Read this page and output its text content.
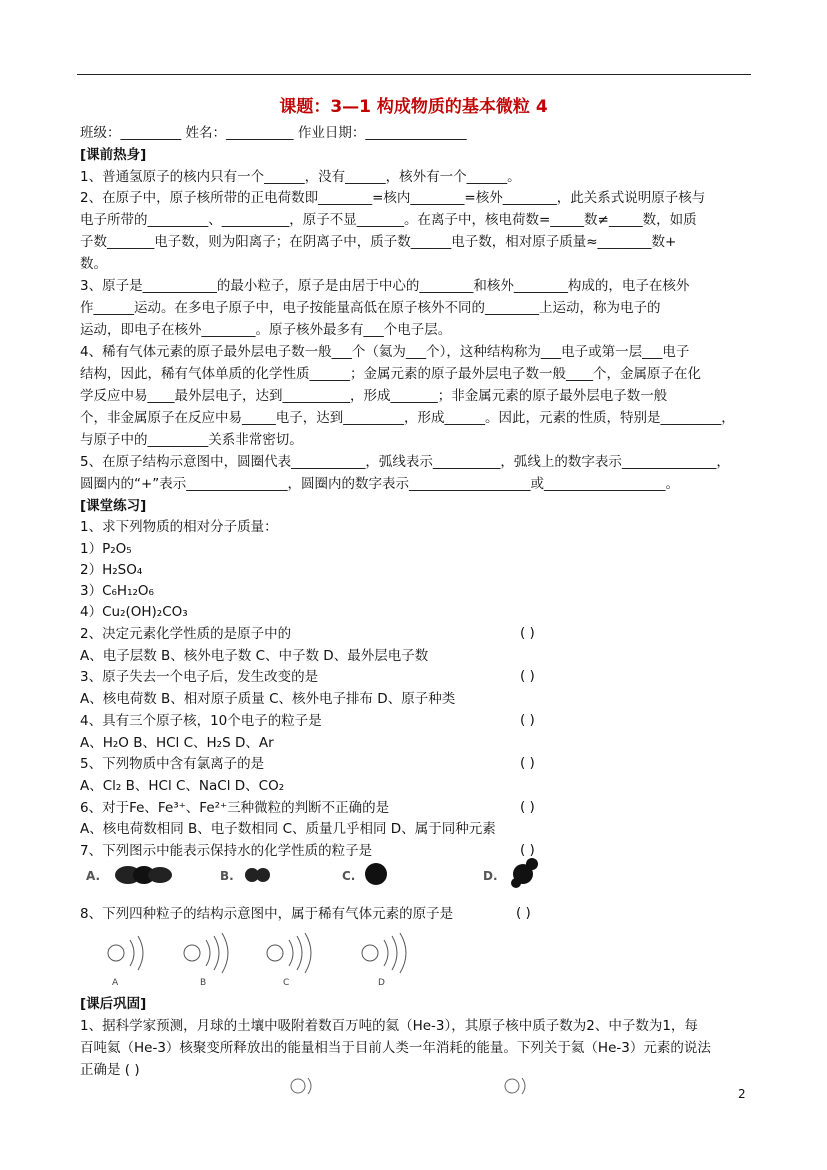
课题：3—1 构成物质的基本微粒 4
班级：_________ 姓名：__________ 作业日期：_______________
[课前热身]
1、普通氢原子的核内只有一个______，没有______，核外有一个______。
2、在原子中，原子核所带的正电荷数即________=核内________=核外________，此关系式说明原子核与
电子所带的_________、__________，原子不显_______。在离子中，核电荷数=_____数≠_____数，如质
子数_______电子数，则为阳离子；在阴离子中，质子数______电子数，相对原子质量≈________数+
数。
3、原子是___________的最小粒子，原子是由居于中心的________和核外________构成的，电子在核外
作______运动。在多电子原子中，电子按能量高低在原子核外不同的________上运动，称为电子的
运动，即电子在核外________。原子核外最多有___个电子层。
4、稀有气体元素的原子最外层电子数一般___个（氦为___个），这种结构称为___电子或第一层___电子
结构，因此，稀有气体单质的化学性质______；金属元素的原子最外层电子数一般____个，金属原子在化
学反应中易____最外层电子，达到__________，形成_______；非金属元素的原子最外层电子数一般
个，非金属原子在反应中易_____电子，达到_________，形成______。因此，元素的性质，特别是_________，
与原子中的_________关系非常密切。
5、在原子结构示意图中，圆圈代表___________，弧线表示__________，弧线上的数字表示______________，
圆圈内的“+”表示_______________，圆圈内的数字表示__________________或__________________。
[课堂练习]
1、求下列物质的相对分子质量：
1）P₂O₅
2）H₂SO₄
3）C₆H₁₂O₆
4）Cu₂(OH)₂CO₃
2、决定元素化学性质的是原子中的	( )
A、电子层数 B、核外电子数 C、中子数 D、最外层电子数
3、原子失去一个电子后，发生改变的是	( )
A、核电荷数 B、相对原子质量 C、核外电子排布 D、原子种类
4、具有三个原子核，10个电子的粒子是	( )
A、H₂O B、HCl C、H₂S D、Ar
5、下列物质中含有氯离子的是	( )
A、Cl₂ B、HCl C、NaCl D、CO₂
6、对于Fe、Fe³⁺、Fe²⁺三种微粒的判断不正确的是	( )
A、核电荷数相同 B、电子数相同 C、质量几乎相同 D、属于同种元素
7、下列图示中能表示保持水的化学性质的粒子是	( )
A.	B.	C.	D.
8、下列四种粒子的结构示意图中，属于稀有气体元素的原子是	( )
A	B	C	D
[课后巩固]
1、据科学家预测，月球的土壤中吸附着数百万吨的氦（He-3），其原子核中质子数为2、中子数为1，每
百吨氦（He-3）核聚变所释放出的能量相当于目前人类一年消耗的能量。下列关于氦（He-3）元素的说法
正确是 ( )
2
